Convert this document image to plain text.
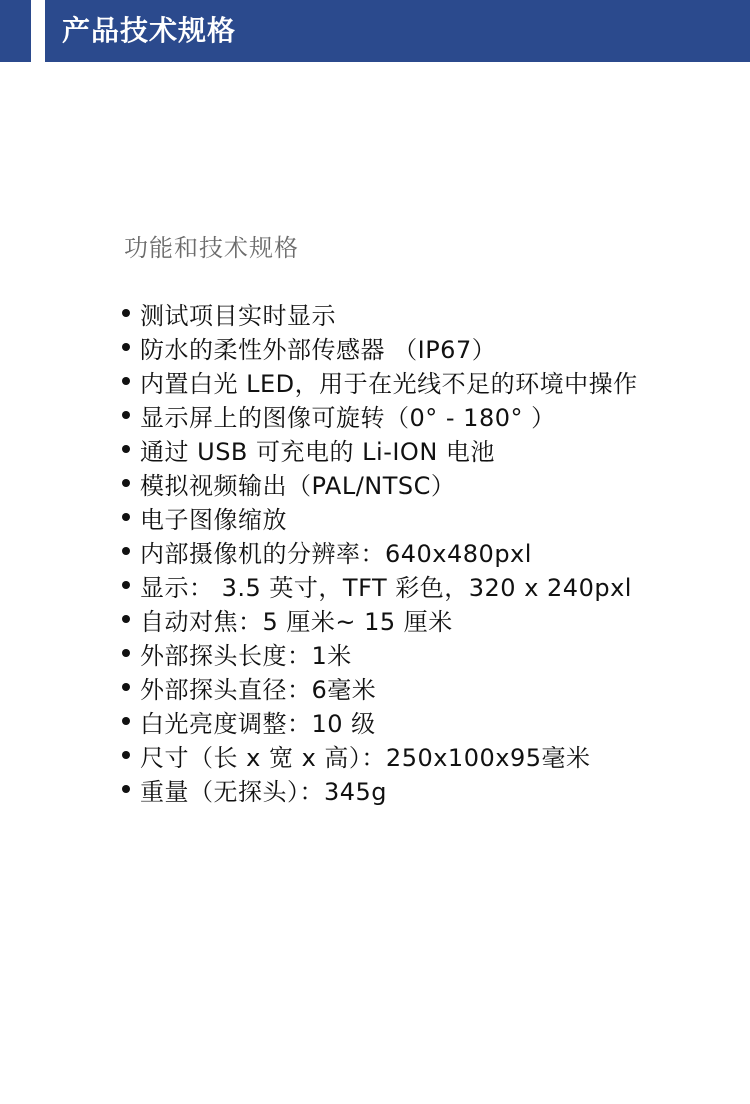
产品技术规格
功能和技术规格
测试项目实时显示
防水的柔性外部传感器 （IP67）
内置白光 LED，用于在光线不足的环境中操作
显示屏上的图像可旋转（0° - 180° ）
通过 USB 可充电的 Li-ION 电池
模拟视频输出（PAL/NTSC）
电子图像缩放
内部摄像机的分辨率：640x480pxl
显示： 3.5 英寸，TFT 彩色，320 x 240pxl
自动对焦：5 厘米~ 15 厘米
外部探头长度：1米
外部探头直径：6毫米
白光亮度调整：10 级
尺寸（长 x 宽 x 高）：250x100x95毫米
重量（无探头）：345g
